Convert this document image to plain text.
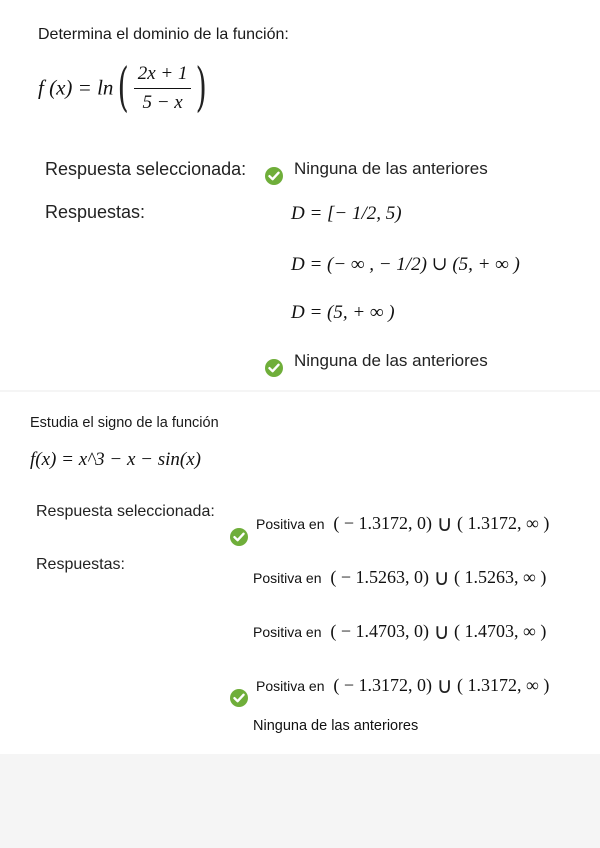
Determina el dominio de la función:
f $(x) = \ln( \frac{2x + 1}{5 - x}$ )
Respuesta seleccionada:	Ninguna de las anteriores
Respuestas:	D = [− 1/2, 5)
D = (− ∞ , − 1/2) ∪ (5, + ∞ )
D = (5, + ∞ )
Ninguna de las anteriores
Estudia el signo de la función
f(x) = x^3 − x − sin(x)
Respuesta seleccionada:
Positiva en ( − 1.3172, 0) ∪ ( 1.3172, ∞ )
Respuestas:
Positiva en ( − 1.5263, 0) ∪ ( 1.5263, ∞ )
Positiva en ( − 1.4703, 0) ∪ ( 1.4703, ∞ )
Positiva en ( − 1.3172, 0) ∪ ( 1.3172, ∞ )
Ninguna de las anteriores
